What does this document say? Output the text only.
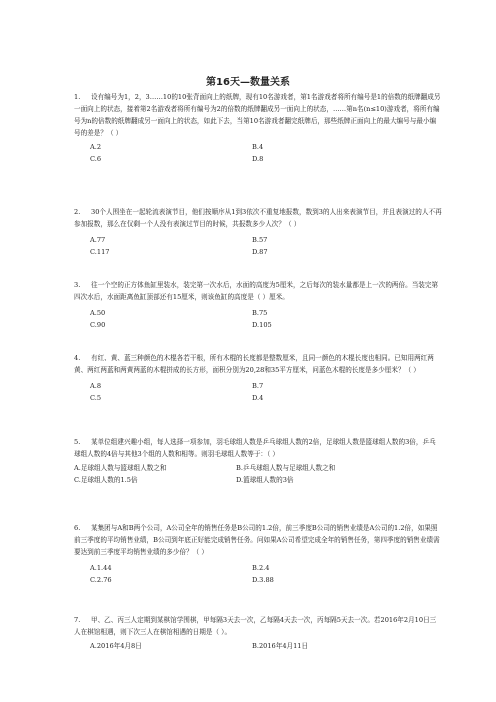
第16天—数量关系
1. 设有编号为1，2，3……10的10张背面向上的纸牌，现有10名游戏者，第1名游戏者将所有编号是1的倍数的纸牌翻成另一面向上的状态，接着第2名游戏者将所有编号为2的倍数的纸牌翻成另一面向上的状态，……第n名(n≤10)游戏者，将所有编号为n的倍数的纸牌翻成另一面向上的状态，如此下去，当第10名游戏者翻完纸牌后，那些纸牌正面向上的最大编号与最小编号的差是？（ ）
A.2	B.4
C.6	D.8
2. 30个人围坐在一起轮流表演节目，他们按顺序从1到3依次不重复地报数，数到3的人出来表演节目，并且表演过的人不再参加报数，那么在仅剩一个人没有表演过节目的时候，共报数多少人次？（ ）
A.77	B.57
C.117	D.87
3. 往一个空的正方体鱼缸里装水，装完第一次水后，水面的高度为5厘米，之后每次的装水量都是上一次的两倍。当装完第四次水后，水面距离鱼缸顶部还有15厘米，则该鱼缸的高度是（ ）厘米。
A.50	B.75
C.90	D.105
4. 有红、黄、蓝三种颜色的木棍各若干根，所有木棍的长度都是整数厘米，且同一颜色的木棍长度也相同。已知用两红两黄、两红两蓝和两黄两蓝的木棍拼成的长方形，面积分别为20,28和35平方厘米，问蓝色木棍的长度是多少厘米？（ ）
A.8	B.7
C.5	D.4
5. 某单位组建兴趣小组，每人选择一项参加，羽毛球组人数是乒乓球组人数的2倍，足球组人数是篮球组人数的3倍，乒乓球组人数的4倍与其他3个组的人数和相等。则羽毛球组人数等于：（ ）
A.足球组人数与篮球组人数之和	B.乒乓球组人数与足球组人数之和
C.足球组人数的1.5倍	D.篮球组人数的3倍
6. 某集团与A和B两个公司，A公司全年的销售任务是B公司的1.2倍，前三季度B公司的销售业绩是A公司的1.2倍，如果照前三季度的平均销售业绩，B公司到年底正好能完成销售任务。问如果A公司希望完成全年的销售任务，第四季度的销售业绩需要达到前三季度平均销售业绩的多少倍？（ ）
A.1.44	B.2.4
C.2.76	D.3.88
7. 甲、乙、丙三人定期到某棋馆学围棋，甲每隔3天去一次，乙每隔4天去一次，丙每隔5天去一次。若2016年2月10日三人在棋馆相遇，则下次三人在棋馆相遇的日期是（ ）。
A.2016年4月8日	B.2016年4月11日
